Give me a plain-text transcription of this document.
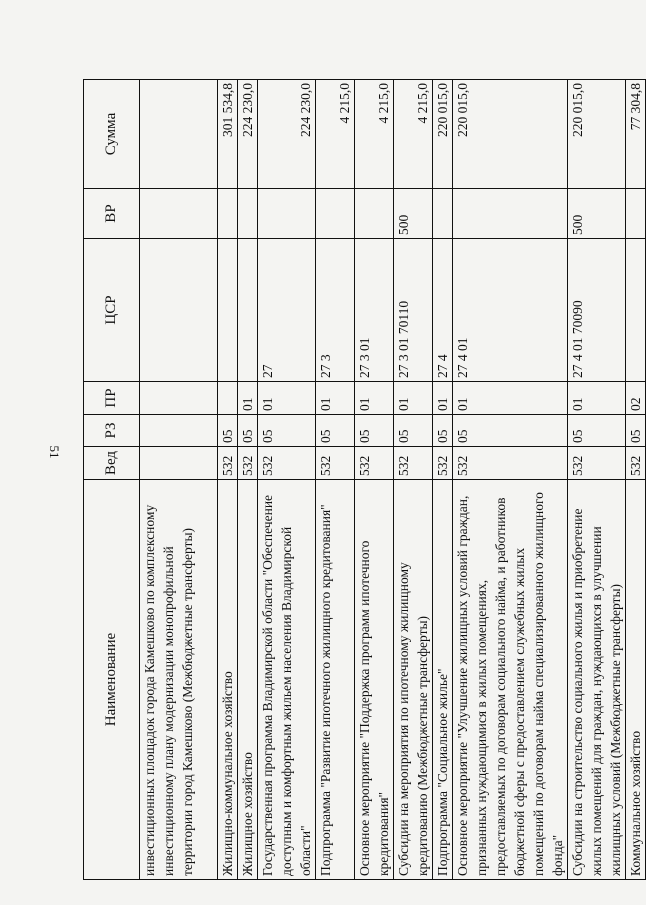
51
Наименование	Вед	РЗ	ПР	ЦСР	ВР	Сумма
инвестиционных площадок города Камешково по комплексному инвестиционному плану модернизации монопрофильной территории город Камешково (Межбюджетные трансферты)						
Жилищно-коммунальное хозяйство	532	05				301 534,8
Жилищное хозяйство	532	05	01			224 230,0
Государственная программа Владимирской области "Обеспечение доступным и комфортным жильем населения Владимирской области"	532	05	01	27		224 230,0
Подпрограмма "Развитие ипотечного жилищного кредитования"	532	05	01	27 3		4 215,0
Основное мероприятие "Поддержка программ ипотечного кредитования"	532	05	01	27 3 01		4 215,0
Субсидии на мероприятия по ипотечному жилищному кредитованию (Межбюджетные трансферты)	532	05	01	27 3 01 70110	500	4 215,0
Подпрограмма "Социальное жилье"	532	05	01	27 4		220 015,0
Основное мероприятие "Улучшение жилищных условий граждан, признанных нуждающимися в жилых помещениях, предоставляемых по договорам социального найма, и работников бюджетной сферы с предоставлением служебных жилых помещений по договорам найма специализированного жилищного фонда"	532	05	01	27 4 01		220 015,0
Субсидии на строительство социального жилья и приобретение жилых помещений для граждан, нуждающихся в улучшении жилищных условий (Межбюджетные трансферты)	532	05	01	27 4 01 70090	500	220 015,0
Коммунальное хозяйство	532	05	02			77 304,8
